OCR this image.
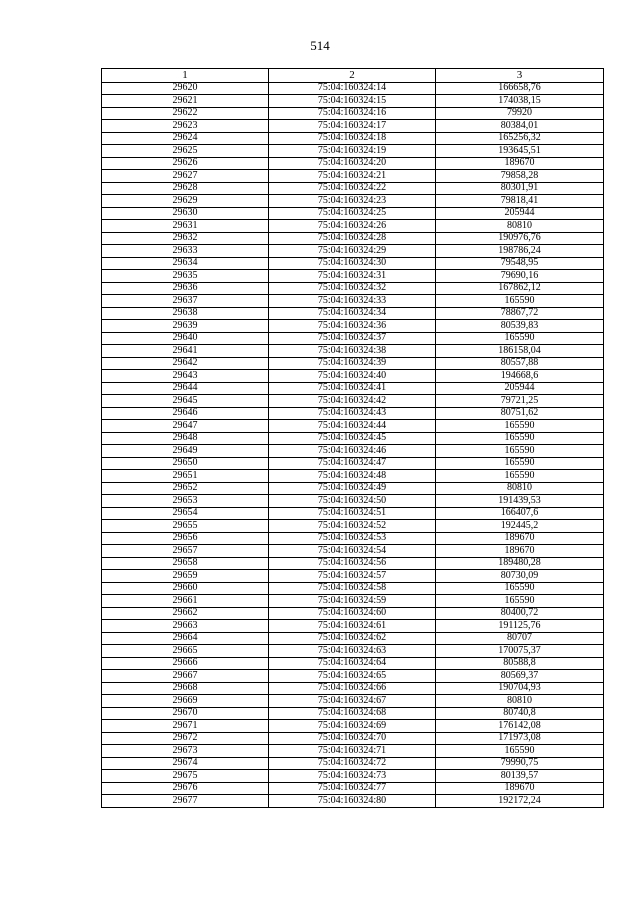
514
1	2	3
29620	75:04:160324:14	166658,76
29621	75:04:160324:15	174038,15
29622	75:04:160324:16	79920
29623	75:04:160324:17	80384,01
29624	75:04:160324:18	165256,32
29625	75:04:160324:19	193645,51
29626	75:04:160324:20	189670
29627	75:04:160324:21	79858,28
29628	75:04:160324:22	80301,91
29629	75:04:160324:23	79818,41
29630	75:04:160324:25	205944
29631	75:04:160324:26	80810
29632	75:04:160324:28	190976,76
29633	75:04:160324:29	198786,24
29634	75:04:160324:30	79548,95
29635	75:04:160324:31	79690,16
29636	75:04:160324:32	167862,12
29637	75:04:160324:33	165590
29638	75:04:160324:34	78867,72
29639	75:04:160324:36	80539,83
29640	75:04:160324:37	165590
29641	75:04:160324:38	186158,04
29642	75:04:160324:39	80557,88
29643	75:04:160324:40	194668,6
29644	75:04:160324:41	205944
29645	75:04:160324:42	79721,25
29646	75:04:160324:43	80751,62
29647	75:04:160324:44	165590
29648	75:04:160324:45	165590
29649	75:04:160324:46	165590
29650	75:04:160324:47	165590
29651	75:04:160324:48	165590
29652	75:04:160324:49	80810
29653	75:04:160324:50	191439,53
29654	75:04:160324:51	166407,6
29655	75:04:160324:52	192445,2
29656	75:04:160324:53	189670
29657	75:04:160324:54	189670
29658	75:04:160324:56	189480,28
29659	75:04:160324:57	80730,09
29660	75:04:160324:58	165590
29661	75:04:160324:59	165590
29662	75:04:160324:60	80400,72
29663	75:04:160324:61	191125,76
29664	75:04:160324:62	80707
29665	75:04:160324:63	170075,37
29666	75:04:160324:64	80588,8
29667	75:04:160324:65	80569,37
29668	75:04:160324:66	190704,93
29669	75:04:160324:67	80810
29670	75:04:160324:68	80740,8
29671	75:04:160324:69	176142,08
29672	75:04:160324:70	171973,08
29673	75:04:160324:71	165590
29674	75:04:160324:72	79990,75
29675	75:04:160324:73	80139,57
29676	75:04:160324:77	189670
29677	75:04:160324:80	192172,24
